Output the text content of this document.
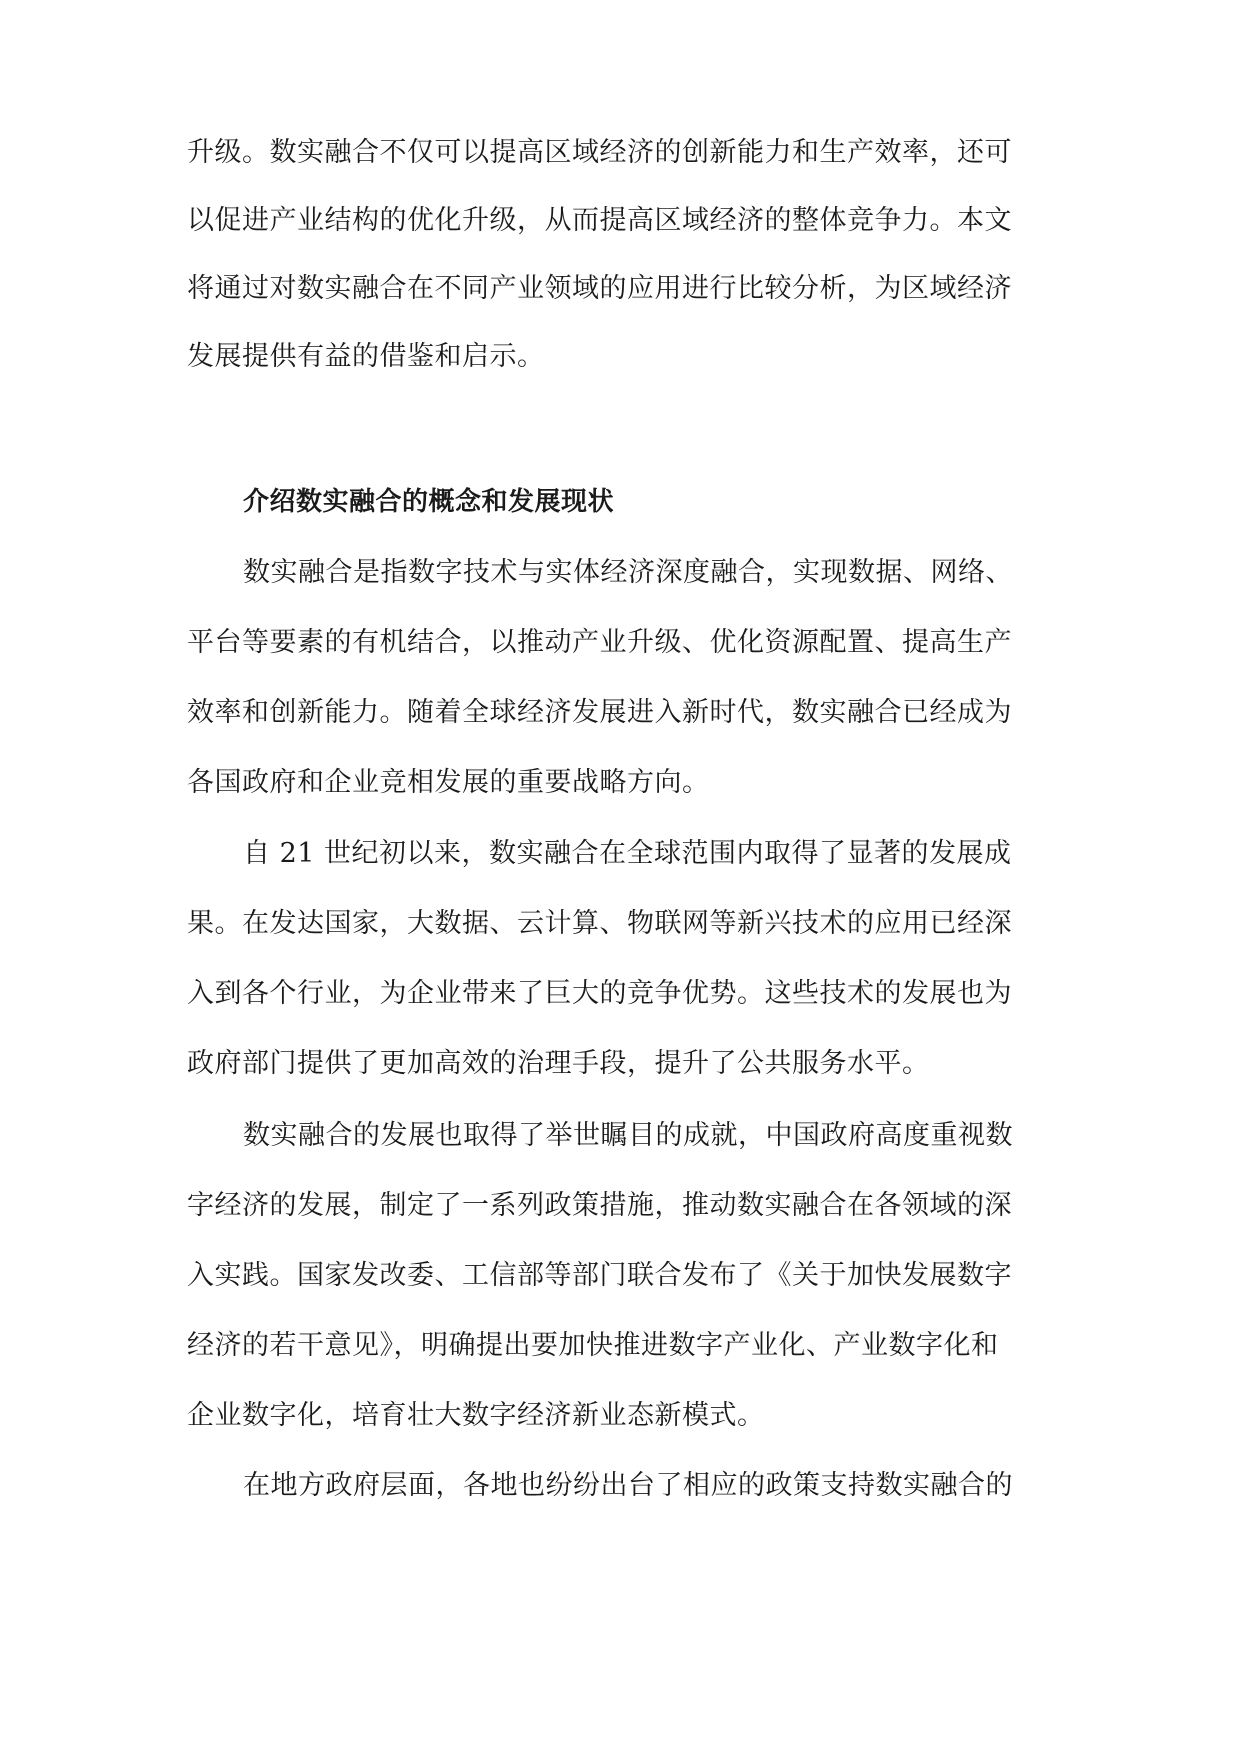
升级。数实融合不仅可以提高区域经济的创新能力和生产效率，还可
以促进产业结构的优化升级，从而提高区域经济的整体竞争力。本文
将通过对数实融合在不同产业领域的应用进行比较分析，为区域经济
发展提供有益的借鉴和启示。
介绍数实融合的概念和发展现状
数实融合是指数字技术与实体经济深度融合，实现数据、网络、
平台等要素的有机结合，以推动产业升级、优化资源配置、提高生产
效率和创新能力。随着全球经济发展进入新时代，数实融合已经成为
各国政府和企业竞相发展的重要战略方向。
自 21 世纪初以来，数实融合在全球范围内取得了显著的发展成
果。在发达国家，大数据、云计算、物联网等新兴技术的应用已经深
入到各个行业，为企业带来了巨大的竞争优势。这些技术的发展也为
政府部门提供了更加高效的治理手段，提升了公共服务水平。
数实融合的发展也取得了举世瞩目的成就，中国政府高度重视数
字经济的发展，制定了一系列政策措施，推动数实融合在各领域的深
入实践。国家发改委、工信部等部门联合发布了《关于加快发展数字
经济的若干意见》，明确提出要加快推进数字产业化、产业数字化和
企业数字化，培育壮大数字经济新业态新模式。
在地方政府层面，各地也纷纷出台了相应的政策支持数实融合的
